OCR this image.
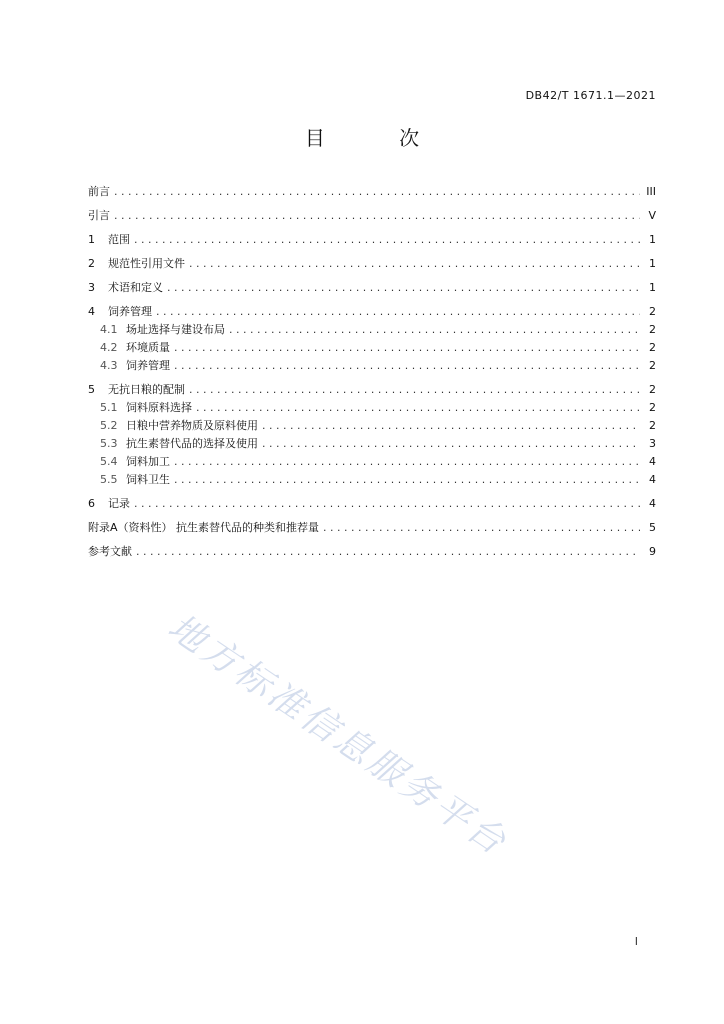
DB42/T 1671.1—2021
目 次
前言 . . .	III
引言 . . .	V
1	范围 . . .	1
2	规范性引用文件 . . .	1
3	术语和定义 . . .	1
4	饲养管理 . . .	2
4.1 场址选择与建设布局 . . .	2
4.2 环境质量 . . .	2
4.3 饲养管理 . . .	2
5	无抗日粮的配制 . . .	2
5.1 饲料原料选择 . . .	2
5.2 日粮中营养物质及原料使用 . . .	2
5.3 抗生素替代品的选择及使用 . . .	3
5.4 饲料加工 . . .	4
5.5 饲料卫生 . . .	4
6	记录 . . .	4
附录A（资料性） 抗生素替代品的种类和推荐量 . . .	5
参考文献 . . .	9
地方标准信息服务平台
I
